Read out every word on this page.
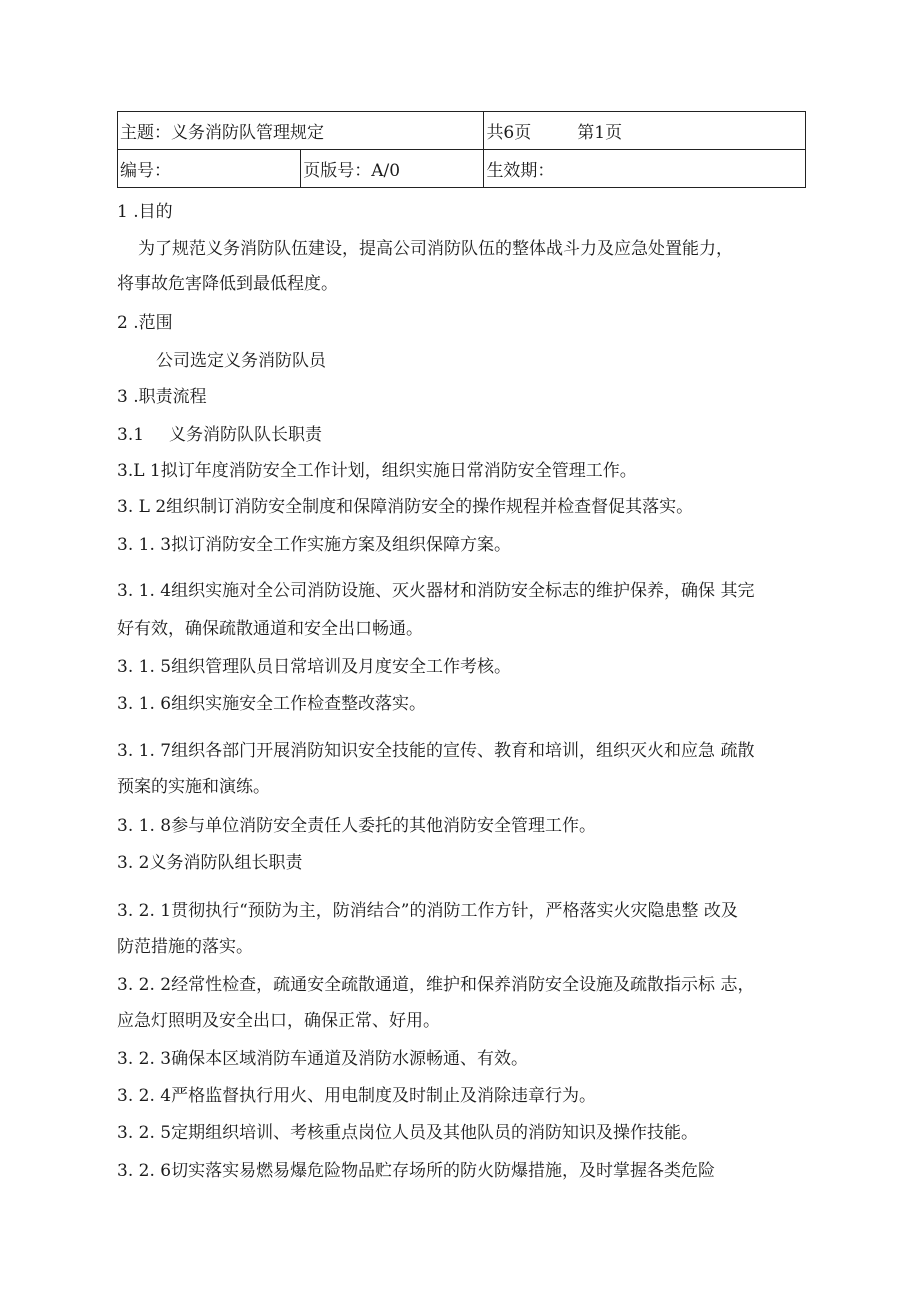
主题：义务消防队管理规定		共6页 第1页
编号：	页版号：A/0	生效期：
1 .目的
为了规范义务消防队伍建设，提高公司消防队伍的整体战斗力及应急处置能力，
将事故危害降低到最低程度。
2 .范围
公司选定义务消防队员
3 .职责流程
3.1 义务消防队队长职责
3.L 1拟订年度消防安全工作计划，组织实施日常消防安全管理工作。
3. L 2组织制订消防安全制度和保障消防安全的操作规程并检查督促其落实。
3. 1. 3拟订消防安全工作实施方案及组织保障方案。
3. 1. 4组织实施对全公司消防设施、灭火器材和消防安全标志的维护保养，确保 其完
好有效，确保疏散通道和安全出口畅通。
3. 1. 5组织管理队员日常培训及月度安全工作考核。
3. 1. 6组织实施安全工作检查整改落实。
3. 1. 7组织各部门开展消防知识安全技能的宣传、教育和培训，组织灭火和应急 疏散
预案的实施和演练。
3. 1. 8参与单位消防安全责任人委托的其他消防安全管理工作。
3. 2义务消防队组长职责
3. 2. 1贯彻执行“预防为主，防消结合”的消防工作方针，严格落实火灾隐患整 改及
防范措施的落实。
3. 2. 2经常性检查，疏通安全疏散通道，维护和保养消防安全设施及疏散指示标 志，
应急灯照明及安全出口，确保正常、好用。
3. 2. 3确保本区域消防车通道及消防水源畅通、有效。
3. 2. 4严格监督执行用火、用电制度及时制止及消除违章行为。
3. 2. 5定期组织培训、考核重点岗位人员及其他队员的消防知识及操作技能。
3. 2. 6切实落实易燃易爆危险物品贮存场所的防火防爆措施，及时掌握各类危险
